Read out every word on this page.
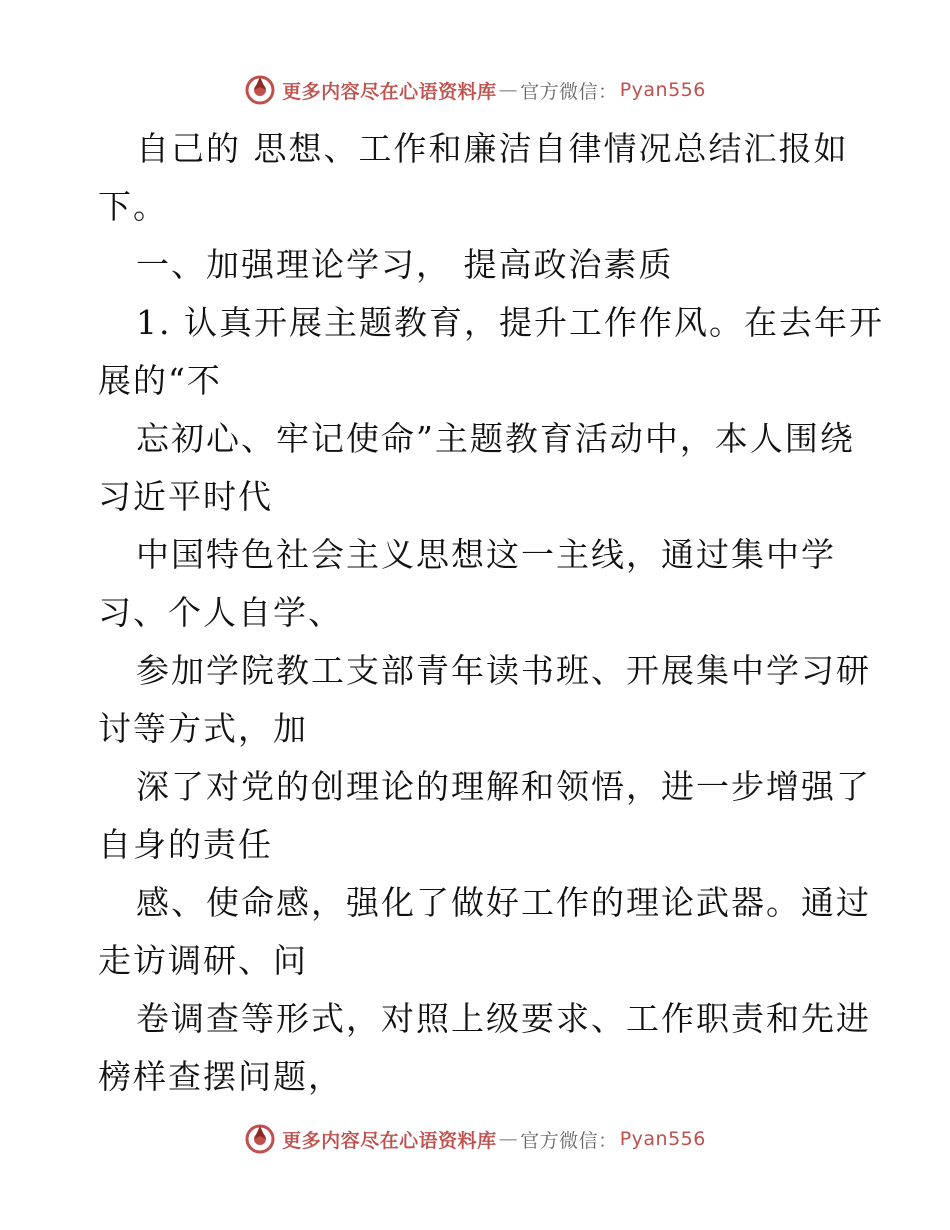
更多内容尽在心语资料库 — 官方微信： Pyan556
自己的 思想、工作和廉洁自律情况总结汇报如
下。
一、加强理论学习， 提高政治素质
1. 认真开展主题教育，提升工作作风。在去年开
展的“不
忘初心、牢记使命”主题教育活动中，本人围绕
习近平时代
中国特色社会主义思想这一主线，通过集中学
习、个人自学、
参加学院教工支部青年读书班、开展集中学习研
讨等方式，加
深了对党的创理论的理解和领悟，进一步增强了
自身的责任
感、使命感，强化了做好工作的理论武器。通过
走访调研、问
卷调查等形式，对照上级要求、工作职责和先进
榜样查摆问题，
更多内容尽在心语资料库 — 官方微信： Pyan556
